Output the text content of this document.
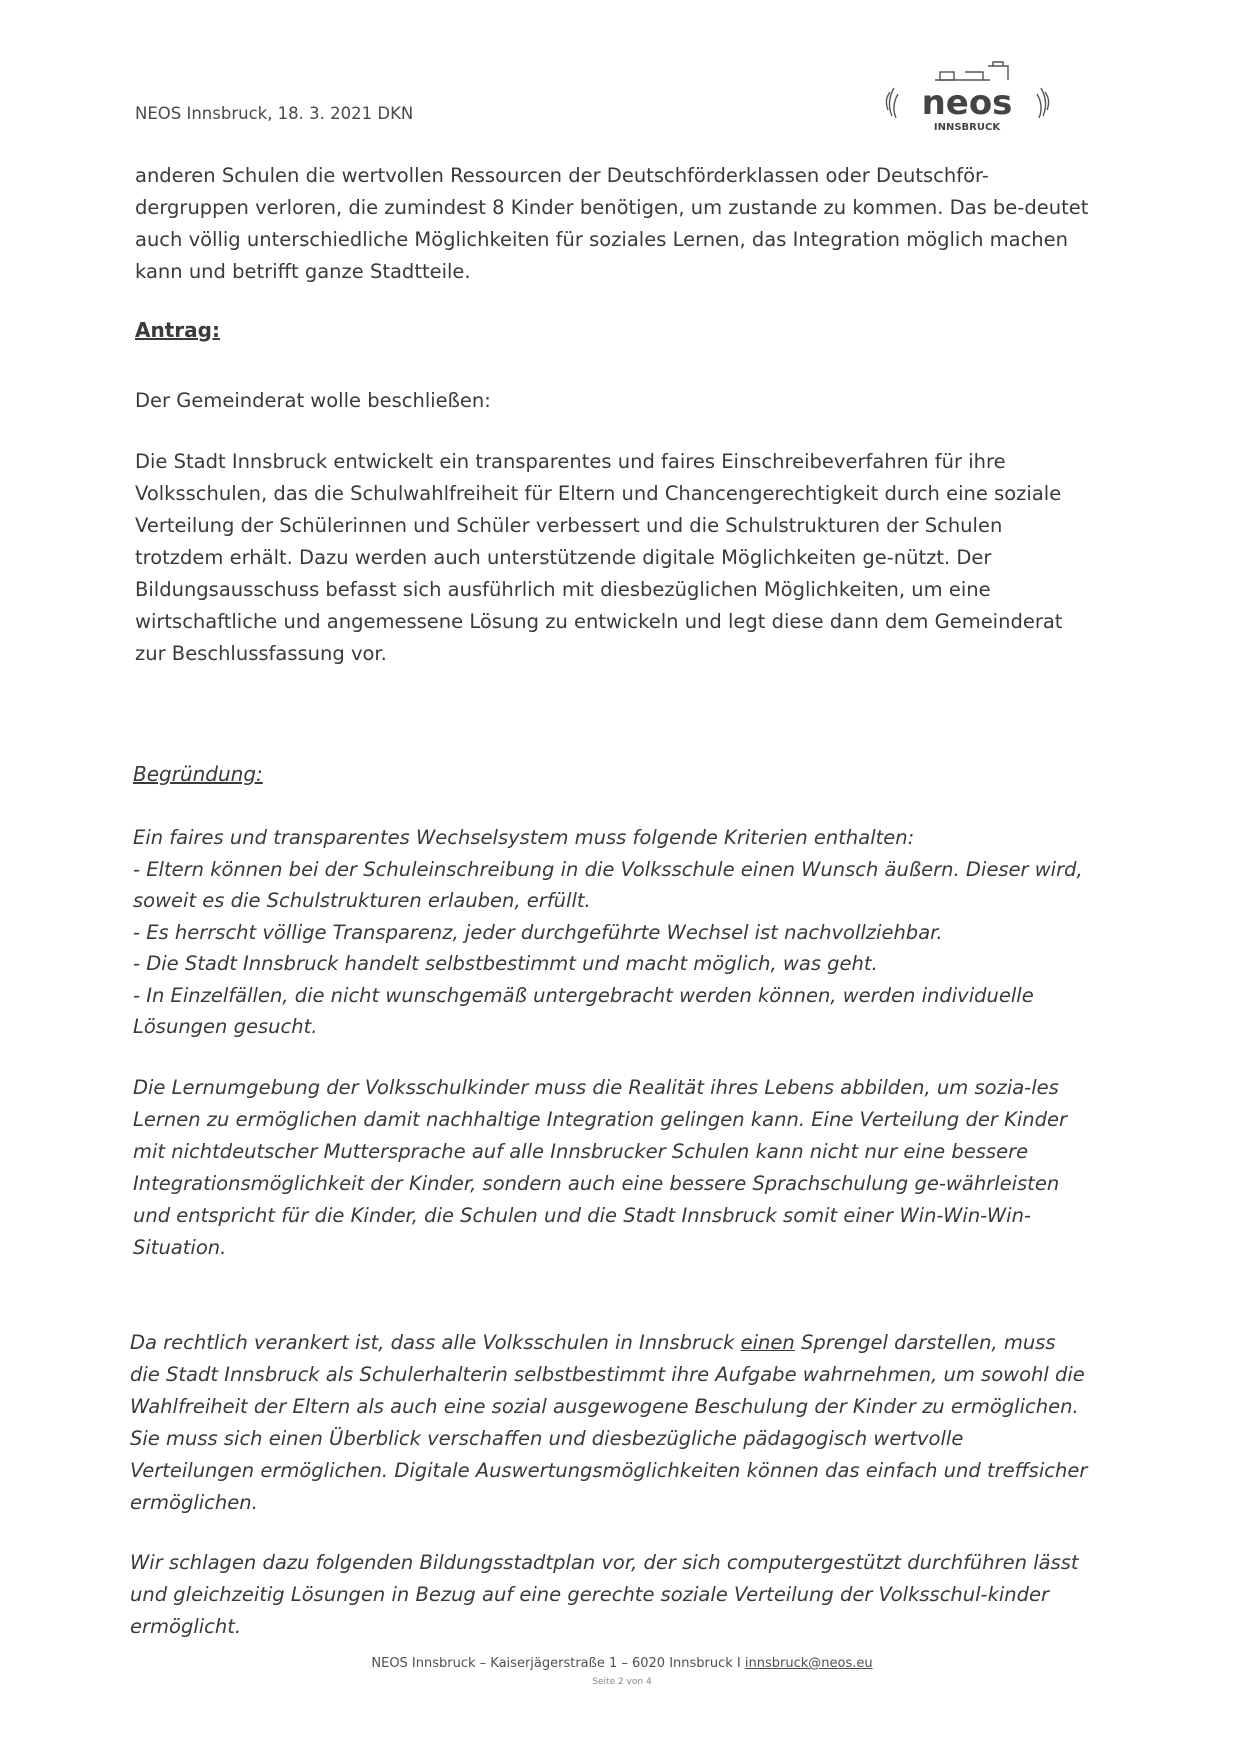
NEOS Innsbruck, 18. 3. 2021 DKN	neos
INNSBRUCK
anderen Schulen die wertvollen Ressourcen der Deutschförderklassen oder Deutschför-dergruppen verloren, die zumindest 8 Kinder benötigen, um zustande zu kommen. Das be-deutet auch völlig unterschiedliche Möglichkeiten für soziales Lernen, das Integration möglich machen kann und betrifft ganze Stadtteile.
Antrag:
Der Gemeinderat wolle beschließen:
Die Stadt Innsbruck entwickelt ein transparentes und faires Einschreibeverfahren für ihre Volksschulen, das die Schulwahlfreiheit für Eltern und Chancengerechtigkeit durch eine soziale Verteilung der Schülerinnen und Schüler verbessert und die Schulstrukturen der Schulen trotzdem erhält. Dazu werden auch unterstützende digitale Möglichkeiten ge-nützt. Der Bildungsausschuss befasst sich ausführlich mit diesbezüglichen Möglichkeiten, um eine wirtschaftliche und angemessene Lösung zu entwickeln und legt diese dann dem Gemeinderat zur Beschlussfassung vor.
Begründung:
Ein faires und transparentes Wechselsystem muss folgende Kriterien enthalten:
- Eltern können bei der Schuleinschreibung in die Volksschule einen Wunsch äußern. Dieser wird, soweit es die Schulstrukturen erlauben, erfüllt.
- Es herrscht völlige Transparenz, jeder durchgeführte Wechsel ist nachvollziehbar.
- Die Stadt Innsbruck handelt selbstbestimmt und macht möglich, was geht.
- In Einzelfällen, die nicht wunschgemäß untergebracht werden können, werden individuelle Lösungen gesucht.
Die Lernumgebung der Volksschulkinder muss die Realität ihres Lebens abbilden, um sozia-les Lernen zu ermöglichen damit nachhaltige Integration gelingen kann. Eine Verteilung der Kinder mit nichtdeutscher Muttersprache auf alle Innsbrucker Schulen kann nicht nur eine bessere Integrationsmöglichkeit der Kinder, sondern auch eine bessere Sprachschulung ge-währleisten und entspricht für die Kinder, die Schulen und die Stadt Innsbruck somit einer Win-Win-Win-Situation.
Da rechtlich verankert ist, dass alle Volksschulen in Innsbruck einen Sprengel darstellen, muss die Stadt Innsbruck als Schulerhalterin selbstbestimmt ihre Aufgabe wahrnehmen, um sowohl die Wahlfreiheit der Eltern als auch eine sozial ausgewogene Beschulung der Kinder zu ermöglichen. Sie muss sich einen Überblick verschaffen und diesbezügliche pädagogisch wertvolle Verteilungen ermöglichen. Digitale Auswertungsmöglichkeiten können das einfach und treffsicher ermöglichen.
Wir schlagen dazu folgenden Bildungsstadtplan vor, der sich computergestützt durchführen lässt und gleichzeitig Lösungen in Bezug auf eine gerechte soziale Verteilung der Volksschul-kinder ermöglicht.
NEOS Innsbruck – Kaiserjägerstraße 1 – 6020 Innsbruck I innsbruck@neos.eu
Seite 2 von 4
